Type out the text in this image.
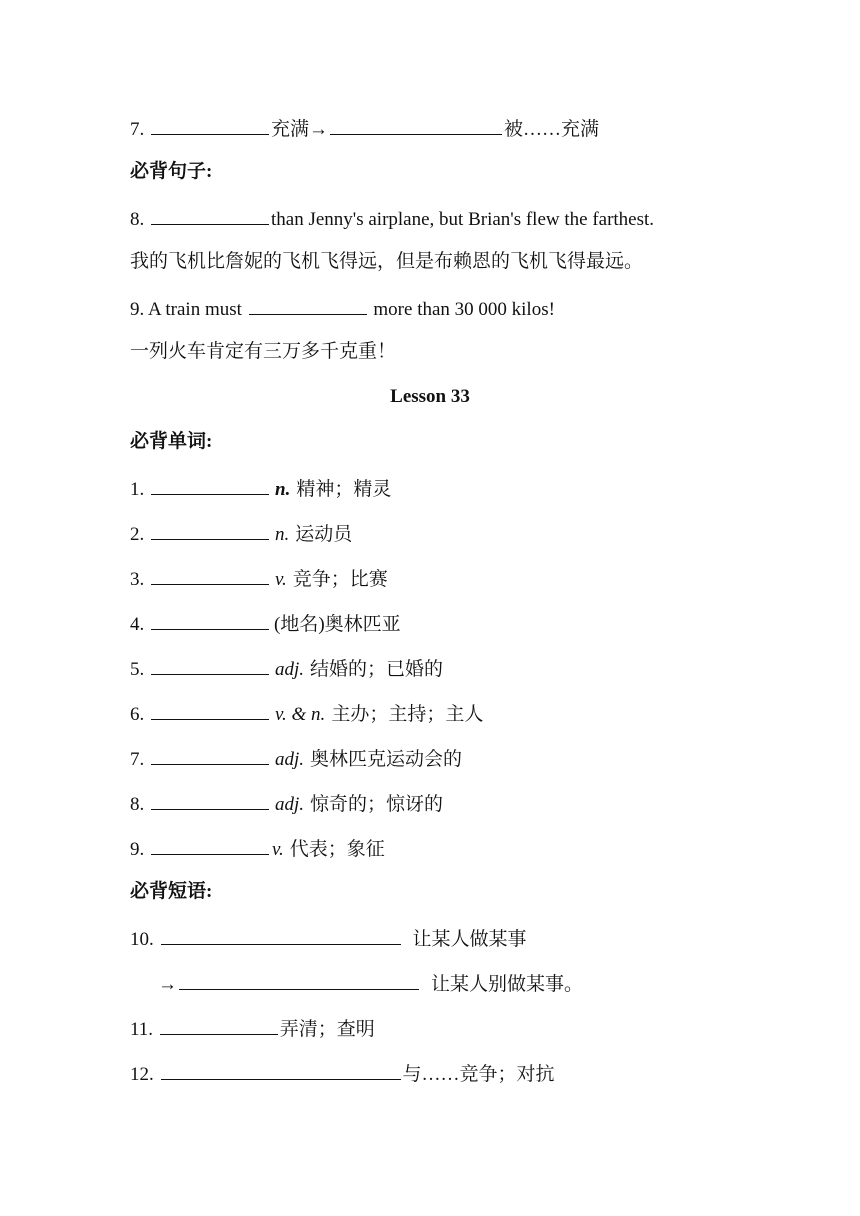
7.	充满→	被……充满
必背句子:
8.	than Jenny's airplane, but Brian's flew the farthest.
我的飞机比詹妮的飞机飞得远，但是布赖恩的飞机飞得最远。
9. A train must	more than 30 000 kilos!
一列火车肯定有三万多千克重！
Lesson 33
必背单词:
1.	n. 精神；精灵
2.	n. 运动员
3.	v. 竞争；比赛
4.	(地名)奥林匹亚
5.	adj. 结婚的；已婚的
6.	v. & n. 主办；主持；主人
7.	adj. 奥林匹克运动会的
8.	adj. 惊奇的；惊讶的
9.	v. 代表；象征
必背短语:
10.	让某人做某事
→	让某人别做某事。
11.	弄清；查明
12.	与……竞争；对抗
